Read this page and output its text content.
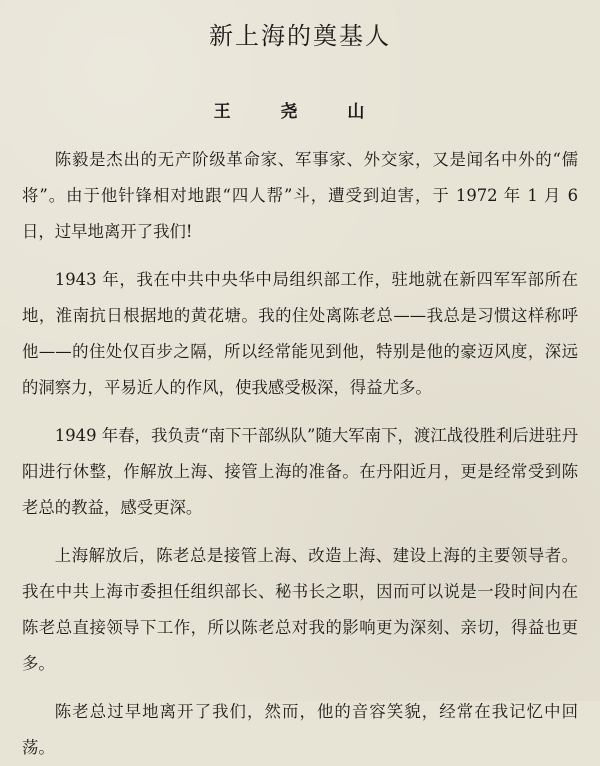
新上海的奠基人
王 尧 山

陈毅是杰出的无产阶级革命家、军事家、外交家，又是闻名中外的“儒将”。由于他针锋相对地跟“四人帮”斗，遭受到迫害，于 1972 年 1 月 6 日，过早地离开了我们!

1943 年，我在中共中央华中局组织部工作，驻地就在新四军军部所在地，淮南抗日根据地的黄花塘。我的住处离陈老总——我总是习惯这样称呼他——的住处仅百步之隔，所以经常能见到他，特别是他的豪迈风度，深远的洞察力，平易近人的作风，使我感受极深，得益尤多。

1949 年春，我负责“南下干部纵队”随大军南下，渡江战役胜利后进驻丹阳进行休整，作解放上海、接管上海的准备。在丹阳近月，更是经常受到陈老总的教益，感受更深。

上海解放后，陈老总是接管上海、改造上海、建设上海的主要领导者。我在中共上海市委担任组织部长、秘书长之职，因而可以说是一段时间内在陈老总直接领导下工作，所以陈老总对我的影响更为深刻、亲切，得益也更多。

陈老总过早地离开了我们，然而，他的音容笑貌，经常在我记忆中回荡。
